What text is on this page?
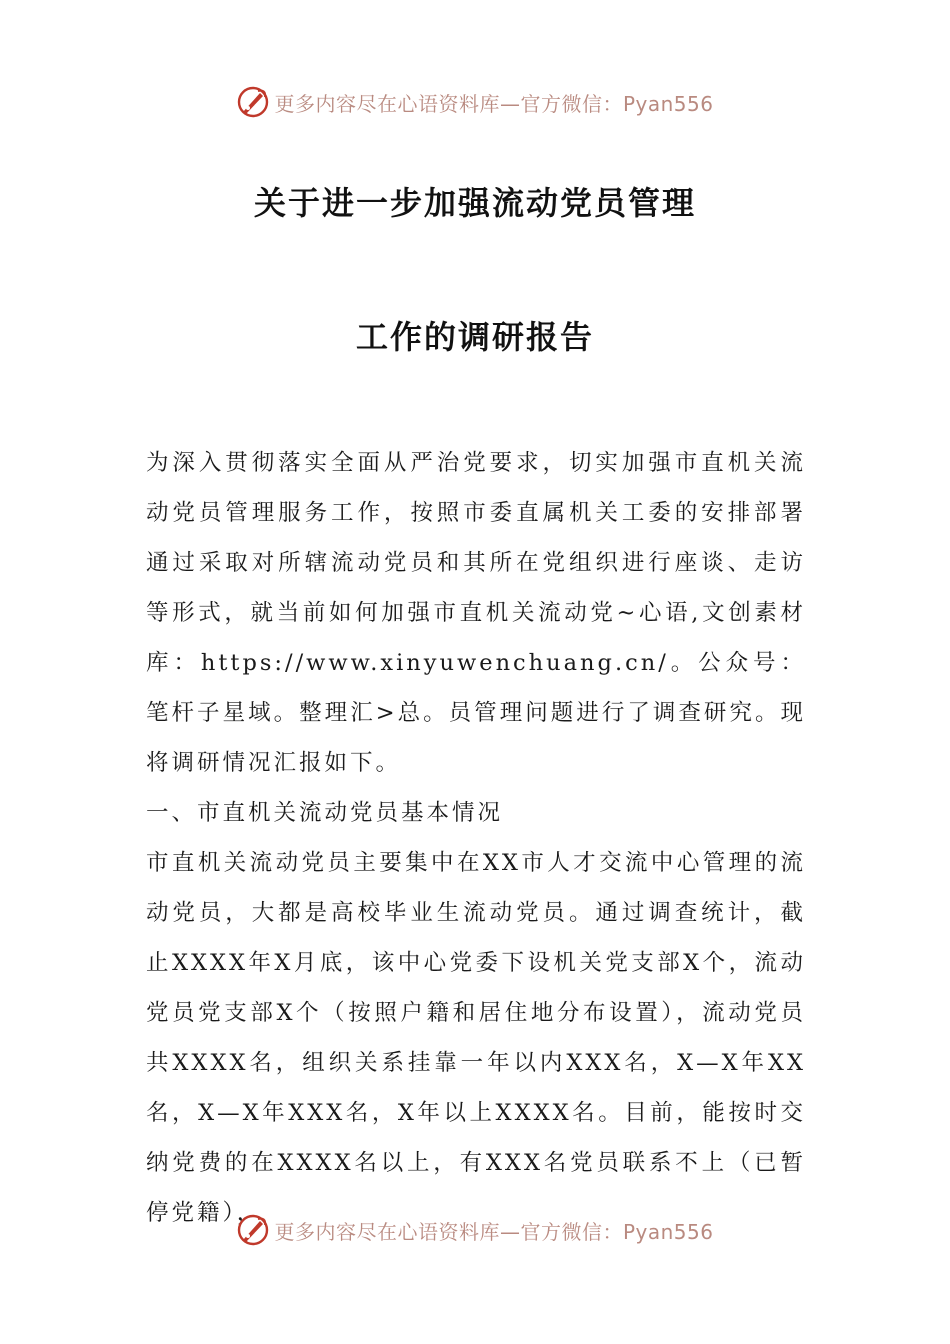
更多内容尽在心语资料库—官方微信：Pyan556
关于进一步加强流动党员管理
工作的调研报告

为深入贯彻落实全面从严治党要求，切实加强市直机关流动党员管理服务工作，按照市委直属机关工委的安排部署通过采取对所辖流动党员和其所在党组织进行座谈、走访等形式，就当前如何加强市直机关流动党~心语,文创素材库：https://www.xinyuwenchuang.cn/。公众号：笔杆子星域。整理汇>总。员管理问题进行了调查研究。现将调研情况汇报如下。

一、市直机关流动党员基本情况

市直机关流动党员主要集中在XX市人才交流中心管理的流动党员，大都是高校毕业生流动党员。通过调查统计，截止XXXX年X月底，该中心党委下设机关党支部X个，流动党员党支部X个（按照户籍和居住地分布设置），流动党员共XXXX名，组织关系挂靠一年以内XXX名，X—X年XX名，X—X年XXX名，X年以上XXXX名。目前，能按时交纳党费的在XXXX名以上，有XXX名党员联系不上（已暂停党籍），

更多内容尽在心语资料库—官方微信：Pyan556
